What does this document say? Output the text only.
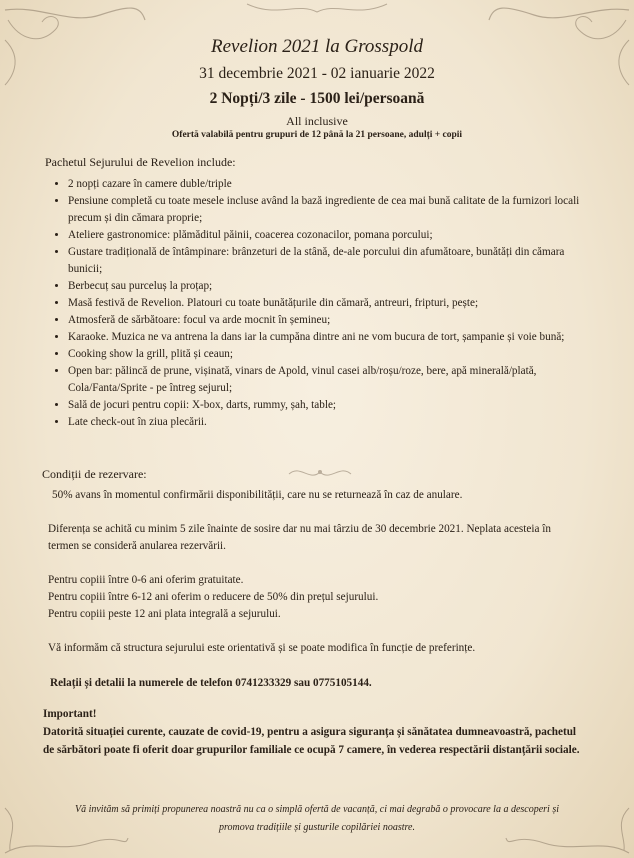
Revelion 2021 la Grosspold
31 decembrie 2021 - 02 ianuarie 2022
2 Nopți/3 zile - 1500 lei/persoană
All inclusive
Ofertă valabilă pentru grupuri de 12 până la 21 persoane, adulți + copii
Pachetul Sejurului de Revelion include:
• 2 nopți cazare în camere duble/triple
• Pensiune completă cu toate mesele incluse având la bază ingrediente de cea mai bună calitate de la furnizori locali precum și din cămara proprie;
• Ateliere gastronomice: plămăditul păinii, coacerea cozonacilor, pomana porcului;
• Gustare tradițională de întâmpinare: brânzeturi de la stână, de-ale porcului din afumătoare, bunătăți din cămara bunicii;
• Berbecuț sau purceluș la proțap;
• Masă festivă de Revelion. Platouri cu toate bunătățurile din cămară, antreuri, fripturi, pește;
• Atmosferă de sărbătoare: focul va arde mocnit în șemineu;
• Karaoke. Muzica ne va antrena la dans iar la cumpăna dintre ani ne vom bucura de tort, șampanie și voie bună;
• Cooking show la grill, plită și ceaun;
• Open bar: pălincă de prune, vișinată, vinars de Apold, vinul casei alb/roșu/roze, bere, apă minerală/plată, Cola/Fanta/Sprite - pe întreg sejurul;
• Sală de jocuri pentru copii: X-box, darts, rummy, șah, table;
• Late check-out în ziua plecării.
Condiții de rezervare:
50% avans în momentul confirmării disponibilității, care nu se returnează în caz de anulare.
Diferența se achită cu minim 5 zile înainte de sosire dar nu mai târziu de 30 decembrie 2021. Neplata acesteia în termen se consideră anularea rezervării.
Pentru copiii între 0-6 ani oferim gratuitate.
Pentru copiii între 6-12 ani oferim o reducere de 50% din prețul sejurului.
Pentru copiii peste 12 ani plata integrală a sejurului.
Vă informăm că structura sejurului este orientativă și se poate modifica în funcție de preferințe.
Relații și detalii la numerele de telefon 0741233329 sau 0775105144.
Important!
Datorită situației curente, cauzate de covid-19, pentru a asigura siguranța și sănătatea dumneavoastră, pachetul de sărbători poate fi oferit doar grupurilor familiale ce ocupă 7 camere, în vederea respectării distanțării sociale.
Vă invităm să primiți propunerea noastră nu ca o simplă ofertă de vacanță, ci mai degrabă o provocare la a descoperi și promova tradițiile și gusturile copilăriei noastre.
